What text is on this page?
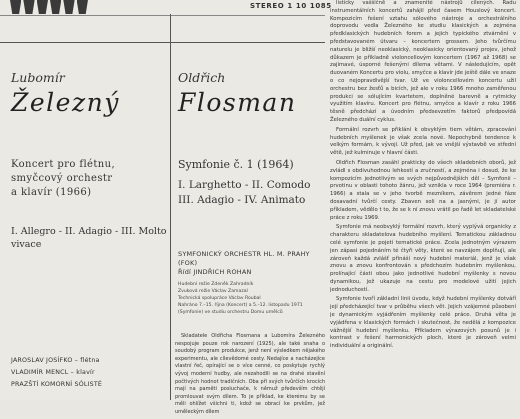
STEREO 1 10 1085
Lubomír
Železný
Koncert pro flétnu,
smyčcový orchestr
a klavír (1966)
I. Allegro - II. Adagio - III. Molto
vivace
JAROSLAV JOSÍFKO – flétna
VLADIMÍR MENCL – klavír
PRAZŠTÍ KOMORNÍ SÓLISTÉ
Oldřich
Flosman
Symfonie č. 1 (1964)
I. Larghetto - II. Comodo
III. Adagio - IV. Animato
SYMFONICKÝ ORCHESTR HL. M. PRAHY (FOK)
Řídí JINDŘICH ROHAN
Hudební režie Zdeněk Zahradník
Zvuková režie Václav Zamazal
Technická spolupráce Václav Roubal
Nahráno 7.–15. října (Koncert) a 5.–12. listopadu 1971
(Symfonie) ve studiu orchestru Domu umělců

Skladatele Oldřicha Flosmana a Lubomíra Železného nespojuje pouze rok narození (1925), ale také snaha o soudobý program produkce, jenž není výsledkem nějakého experimentu, ale cílevědomé cesty. Nedajíce a nacházejíce vlastní řeč, opírající se o více cenné, co poskytuje rychlý vývoj moderní hudby, ale nezahodili se na drahé stavění počtivých hodnot tradičních. Oba při svých tvůrčích krocích mají na paměti posluchače, k němuž především chtějí promlouvat svým dílem. To je příklad, ke kterému by se měli ohlížet všichni ti, kdož se obrací ke prvkům, jež uměleckým dílem

listicky vaššičně a znamenité nástrojů cílených. Řadu instrumentálních koncertů zahájil před časem Houslový koncert. Kompozicím řešení vztahu sólového nástroje a orchestrálního doprovodu vedla Železného ke studiu klasických a zejména předklasických hudebních forem a jejich typického ztvárnění v představovaném útvaru – koncertem grossem. Jeho tvůrčímu naturelu je bližší neoklasický, neoklasicky orientovaný projev, jehož důkazem je příkladně violoncellovým koncertem (1967 až 1968) se zajímavé, úsporné řešenými dílema větami. V následujícím, opět duovaném Koncertu pro violu, smyčce a klavír jde ještě dále ve snaze o co nejopravdivější tvar. Už ve violoncellovém koncertu užil orchestru bez žesťů a bicích, jež ale v roku 1966 mnoho zaměřenou produkci se sólujícím kvartetem, doplněné barevně a rytmicky využitím klavíru. Koncert pro flétnu, smyčce a klavír z roku 1966 těsně předchází a úvodním předsevzetím faktorů předpovídá Železného duální cyklus.

Formální rozvrh se přiklání k obvyklým tiem větám, zpracování hudebních myšlenek je však zcela nové. Nepochybně tendence k velkým formám, k vývoji. Už před, jak ve vnější výstavbě ve střední větě, jež kulminuje v hlavní části.

Oldřich Flosman zasáhl prakticky do všech skladebních oborů, jež zvládl s obdivuhodnou lehkostí a zručností, a zejména i dosud, že ke kompozicím jednotlivým se svých nejpůvodnějších děl – Symfonii – prvotinu v oblasti tohoto žánru, jež vznikla v roce 1964 (premiéra r. 1966) a stala se v jeho tvorbě mezníkem, závěrem jedné fáze dosavadní tvůrčí cesty. Zbaven soli na a jasnými, je jí autor příkladem, vědělo t to, že se k ní znovu vrátil po řadě let skladatelské práce z roku 1969.

Symfonie má neobvyklý formální rozvrh, který vyplývá organicky z charakteru skladatelova hudebního myšlení. Tematickou základnou celé symfonie je pojetí tematické práce. Zcela jednotným výrazem jen zápasi pojednáním té čtyři věty, které se navzájem doplňují, ale zároveň každá zvlášť přináší nový hudební materiál, jenž je však znovu a znovu konfrontován s předchozím hudebním myšlenkou, prolínající části obou jako jednotlivé hudební myšlenky s novou dynamikou, jež ukazuje na cestu pro modelové užití jejich jednoduchostí.

Symfonie tvoří základní linii úvodu, když hudební myšlenky dotváří její předcházející tvar v průběhu všech vět. Jejich vzájemné působení je dynamickým vyjádřením myšlenky celé práce. Druhá věta je vyjádřena v klasických formách i skutečnost, že nedělá z kompozice vážnější hudební myšlenku. Příkladem výrazových posunů je i kontrast v řešení harmonických ploch, které je zároveň velmi individuální a originální.
